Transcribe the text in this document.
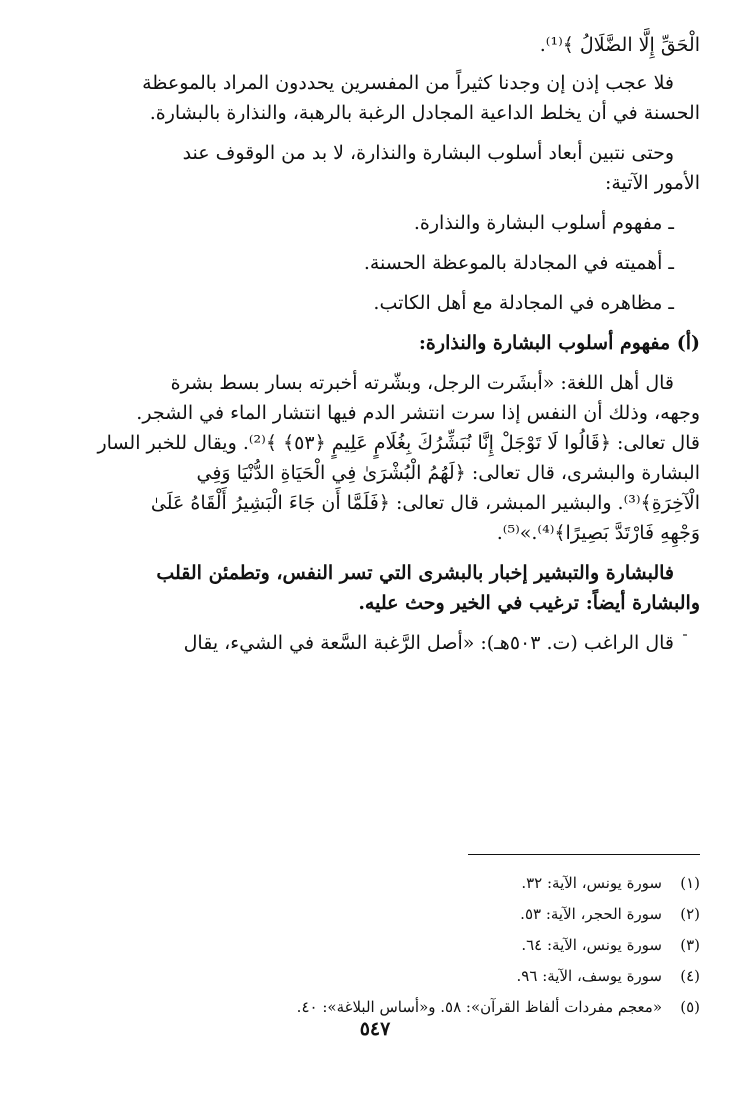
الْحَقِّ إِلَّا الضَّلَالُ ﴾⁽¹⁾.

فلا عجب إذن إن وجدنا كثيراً من المفسرين يحددون المراد بالموعظة

الحسنة في أن يخلط الداعية المجادل الرغبة بالرهبة، والنذارة بالبشارة.

وحتى نتبين أبعاد أسلوب البشارة والنذارة، لا بد من الوقوف عند

الأمور الآتية:

ـ مفهوم أسلوب البشارة والنذارة.

ـ أهميته في المجادلة بالموعظة الحسنة.

ـ مظاهره في المجادلة مع أهل الكاتب.

(أ) مفهوم أسلوب البشارة والنذارة:

قال أهل اللغة: «أبشَرت الرجل، وبشّرته أخبرته بسار بسط بشرة

وجهه، وذلك أن النفس إذا سرت انتشر الدم فيها انتشار الماء في الشجر.

قال تعالى: ﴿قَالُوا لَا تَوْجَلْ إِنَّا نُبَشِّرُكَ بِغُلَامٍ عَلِيمٍ ﴿٥٣﴾ ﴾⁽²⁾. ويقال للخبر السار

البشارة والبشرى، قال تعالى: ﴿لَهُمُ الْبُشْرَىٰ فِي الْحَيَاةِ الدُّنْيَا وَفِي

الْآخِرَةِ﴾⁽³⁾. والبشير المبشر، قال تعالى: ﴿فَلَمَّا أَن جَاءَ الْبَشِيرُ أَلْقَاهُ عَلَىٰ

وَجْهِهِ فَارْتَدَّ بَصِيرًا﴾⁽⁴⁾.»⁽⁵⁾.

فالبشارة والتبشير إخبار بالبشرى التي تسر النفس، وتطمئن القلب

والبشارة أيضاً: ترغيب في الخير وحث عليه.

قال الراغب (ت. ٥٠٣هـ): «أصل الرَّغبة السَّعة في الشيء، يقال

(١)
سورة يونس، الآية: ٣٢.
(٢)
سورة الحجر، الآية: ٥٣.
(٣)
سورة يونس، الآية: ٦٤.
(٤)
سورة يوسف، الآية: ٩٦.
(٥)
«معجم مفردات ألفاظ القرآن»: ٥٨. و«أساس البلاغة»: ٤٠.
٥٤٧
